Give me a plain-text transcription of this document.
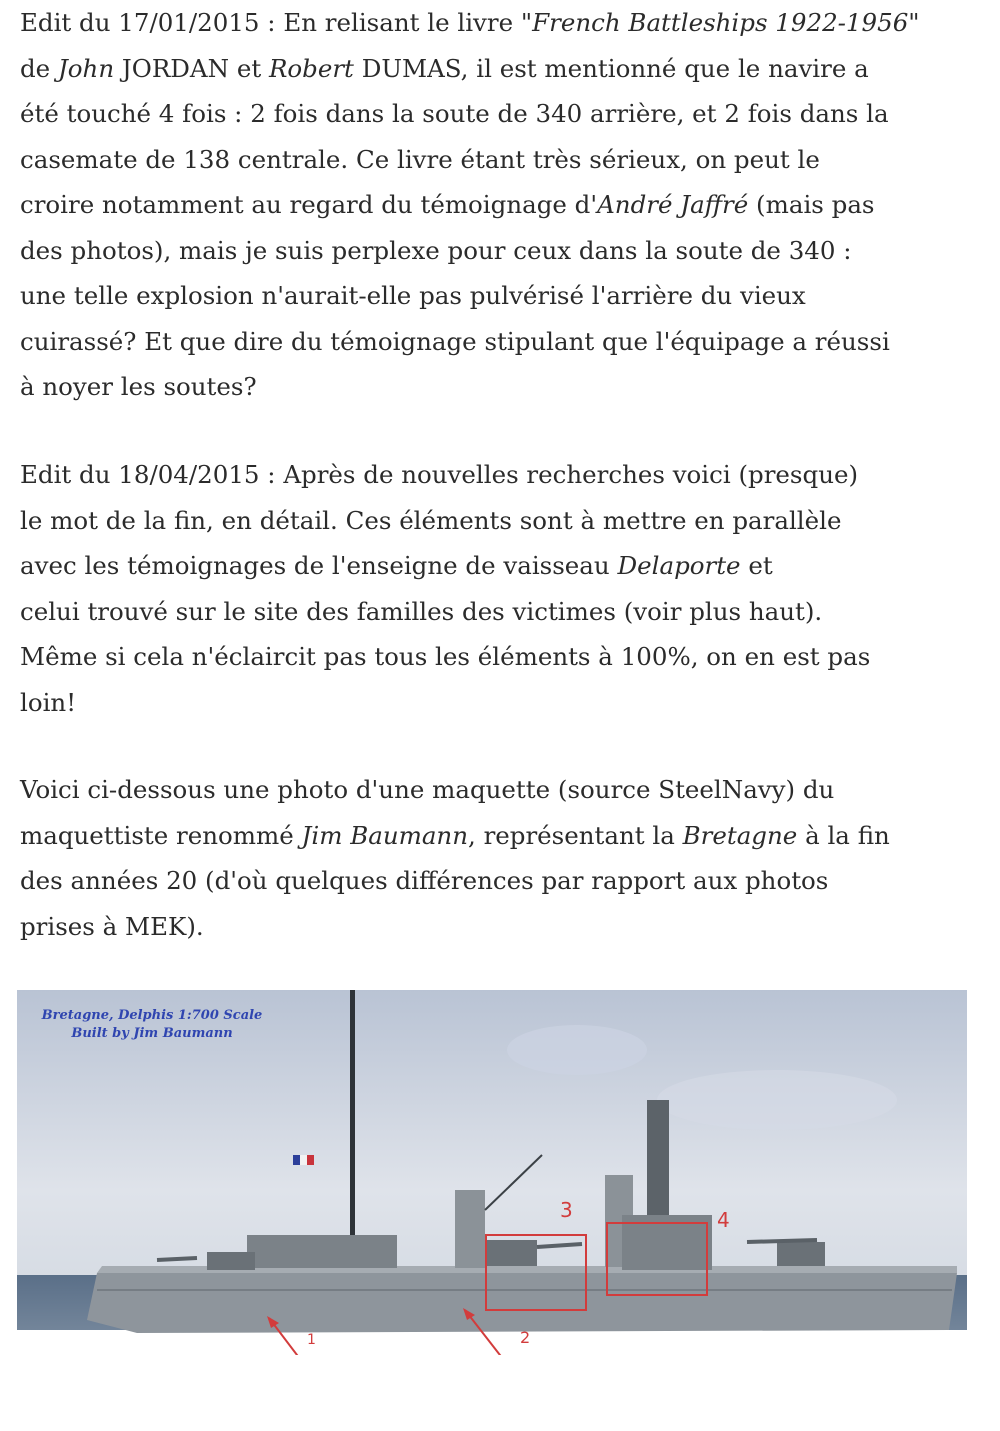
Edit du 17/01/2015 : En relisant le livre "French Battleships 1922-1956"
de John JORDAN et Robert DUMAS, il est mentionné que le navire a
été touché 4 fois : 2 fois dans la soute de 340 arrière, et 2 fois dans la
casemate de 138 centrale. Ce livre étant très sérieux, on peut le
croire notamment au regard du témoignage d'André Jaffré (mais pas
des photos), mais je suis perplexe pour ceux dans la soute de 340 :
une telle explosion n'aurait-elle pas pulvérisé l'arrière du vieux
cuirassé? Et que dire du témoignage stipulant que l'équipage a réussi
à noyer les soutes?
Edit du 18/04/2015 : Après de nouvelles recherches voici (presque)
le mot de la fin, en détail. Ces éléments sont à mettre en parallèle
avec les témoignages de l'enseigne de vaisseau Delaporte et
celui trouvé sur le site des familles des victimes (voir plus haut).
Même si cela n'éclaircit pas tous les éléments à 100%, on en est pas
loin!
Voici ci-dessous une photo d'une maquette (source SteelNavy) du
maquettiste renommé Jim Baumann, représentant la Bretagne à la fin
des années 20 (d'où quelques différences par rapport aux photos
prises à MEK).
Bretagne, Delphis 1:700 Scale
Built by Jim Baumann
1	2
3	4
